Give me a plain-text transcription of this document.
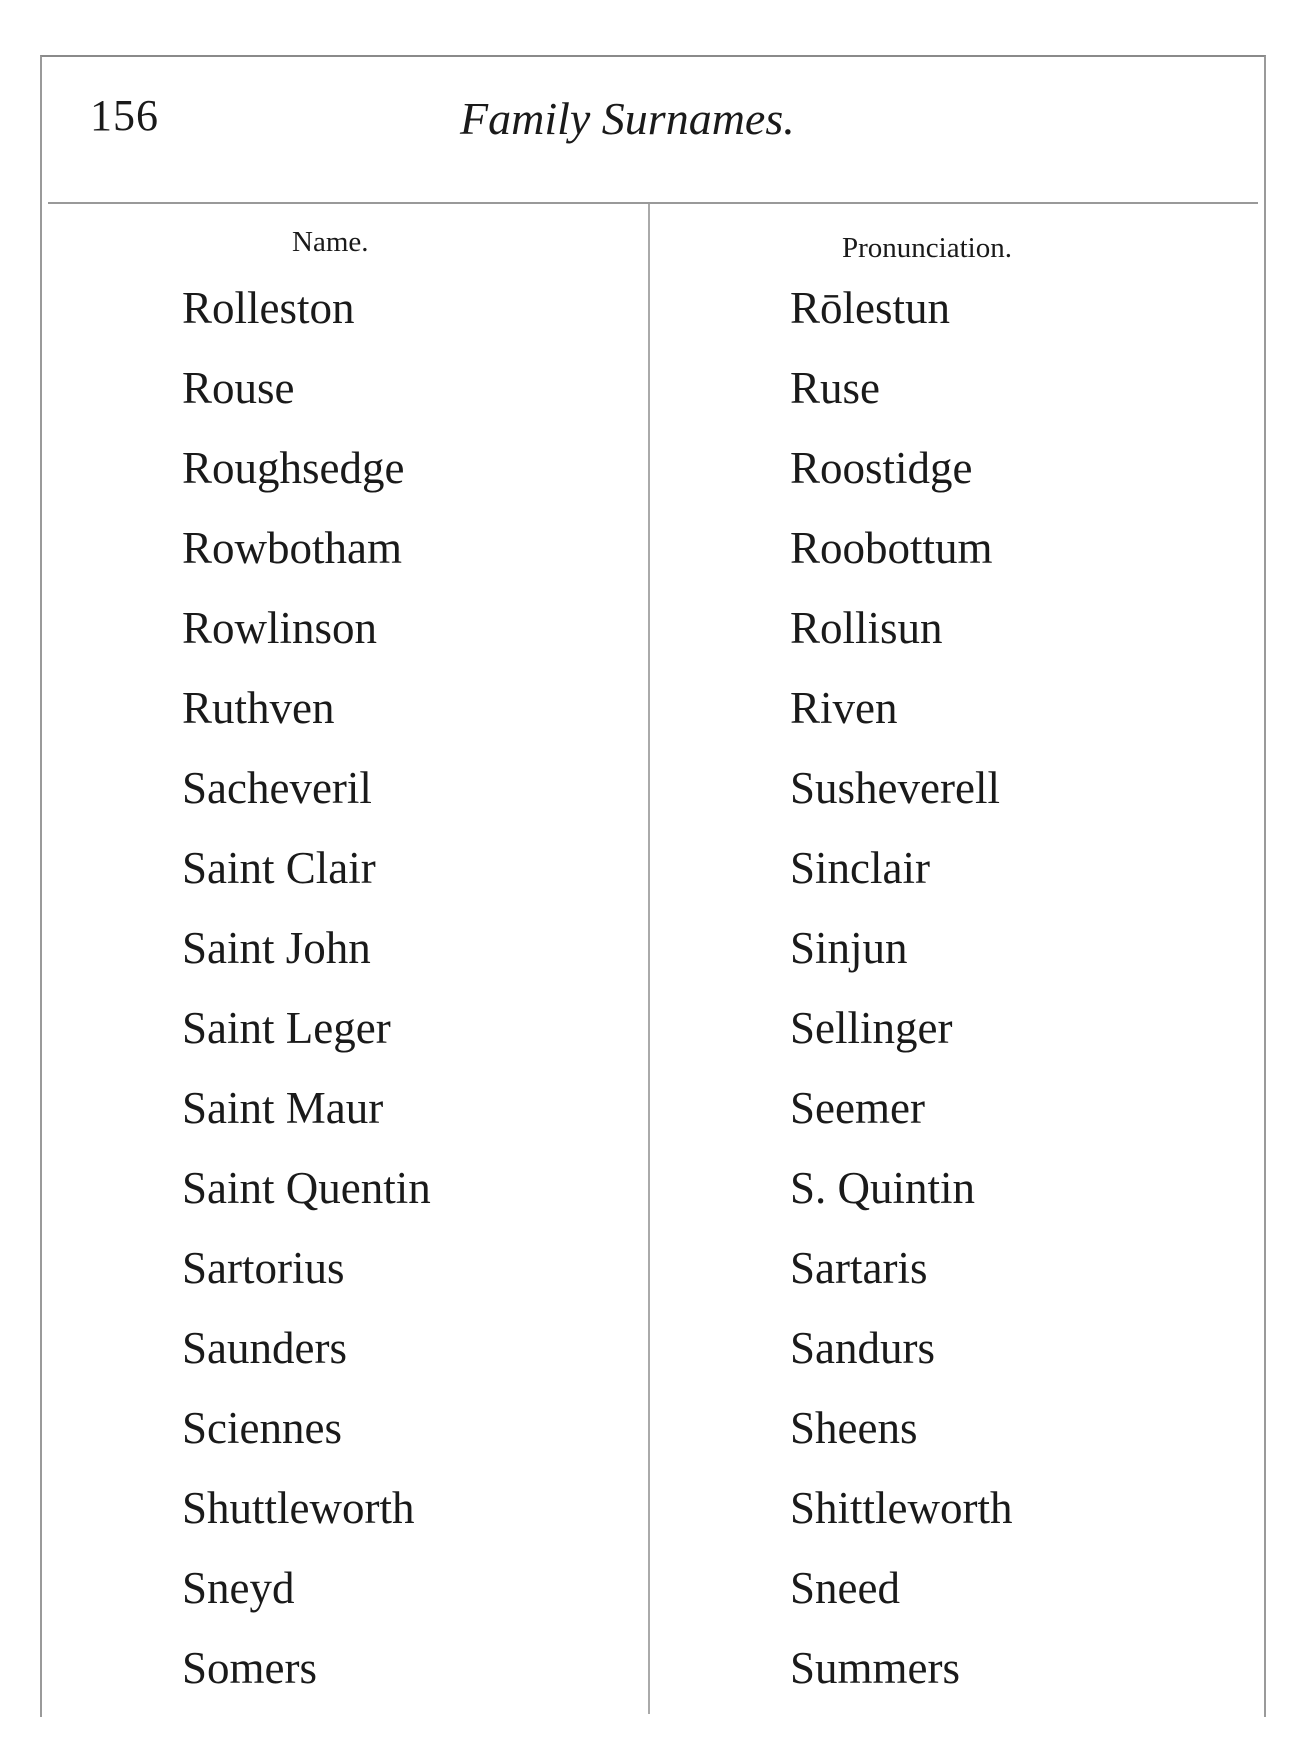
156	Family Surnames.
Name.	Pronunciation.
Rolleston	Rōlestun
Rouse	Ruse
Roughsedge	Roostidge
Rowbotham	Roobottum
Rowlinson	Rollisun
Ruthven	Riven
Sacheveril	Susheverell
Saint Clair	Sinclair
Saint John	Sinjun
Saint Leger	Sellinger
Saint Maur	Seemer
Saint Quentin	S. Quintin
Sartorius	Sartaris
Saunders	Sandurs
Sciennes	Sheens
Shuttleworth	Shittleworth
Sneyd	Sneed
Somers	Summers
